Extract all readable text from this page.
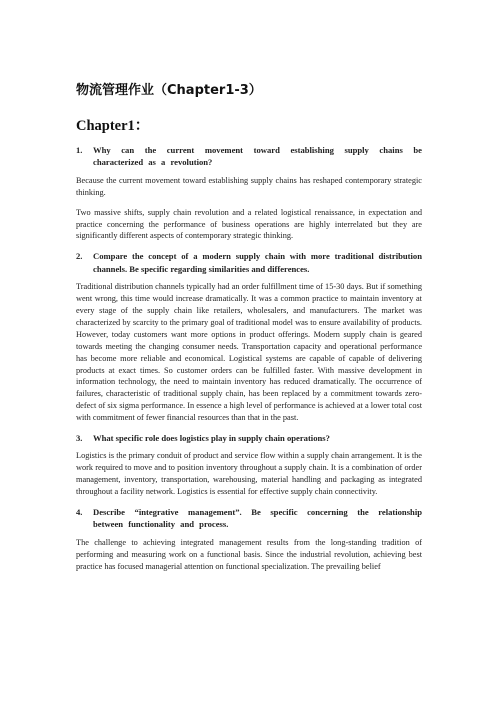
物流管理作业（Chapter1-3）
Chapter1：
1.	Why can the current movement toward establishing supply chains be characterized as a revolution?

Because the current movement toward establishing supply chains has reshaped contemporary strategic thinking.

Two massive shifts, supply chain revolution and a related logistical renaissance, in expectation and practice concerning the performance of business operations are highly interrelated but they are significantly different aspects of contemporary strategic thinking.

2.	Compare the concept of a modern supply chain with more traditional distribution channels. Be specific regarding similarities and differences.

Traditional distribution channels typically had an order fulfillment time of 15-30 days. But if something went wrong, this time would increase dramatically. It was a common practice to maintain inventory at every stage of the supply chain like retailers, wholesalers, and manufacturers. The market was characterized by scarcity to the primary goal of traditional model was to ensure availability of products. However, today customers want more options in product offerings. Modern supply chain is geared towards meeting the changing consumer needs. Transportation capacity and operational performance has become more reliable and economical. Logistical systems are capable of capable of delivering products at exact times. So customer orders can be fulfilled faster. With massive development in information technology, the need to maintain inventory has reduced dramatically. The occurrence of failures, characteristic of traditional supply chain, has been replaced by a commitment towards zero-defect of six sigma performance. In essence a high level of performance is achieved at a lower total cost with commitment of fewer financial resources than that in the past.

3.	What specific role does logistics play in supply chain operations?

Logistics is the primary conduit of product and service flow within a supply chain arrangement. It is the work required to move and to position inventory throughout a supply chain. It is a combination of order management, inventory, transportation, warehousing, material handling and packaging as integrated throughout a facility network. Logistics is essential for effective supply chain connectivity.

4.	Describe “integrative management”. Be specific concerning the relationship between functionality and process.

The challenge to achieving integrated management results from the long-standing tradition of performing and measuring work on a functional basis. Since the industrial revolution, achieving best practice has focused managerial attention on functional specialization. The prevailing belief
